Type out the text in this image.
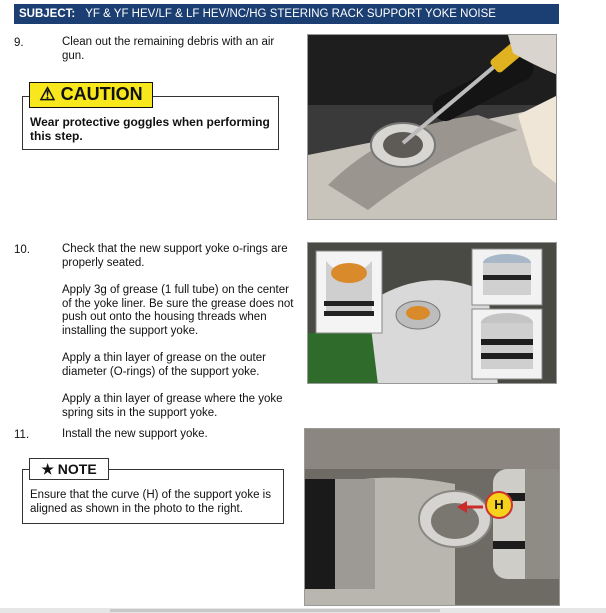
SUBJECT: YF & YF HEV/LF & LF HEV/NC/HG STEERING RACK SUPPORT YOKE NOISE
9.	Clean out the remaining debris with an air gun.

⚠ CAUTION
Wear protective goggles when performing this step.
10.	Check that the new support yoke o-rings are properly seated.

Apply 3g of grease (1 full tube) on the center of the yoke liner. Be sure the grease does not push out onto the housing threads when installing the support yoke.

Apply a thin layer of grease on the outer diameter (O-rings) of the support yoke.

Apply a thin layer of grease where the yoke spring sits in the support yoke.

11.	Install the new support yoke.

★ NOTE
Ensure that the curve (H) of the support yoke is aligned as shown in the photo to the right.	H
